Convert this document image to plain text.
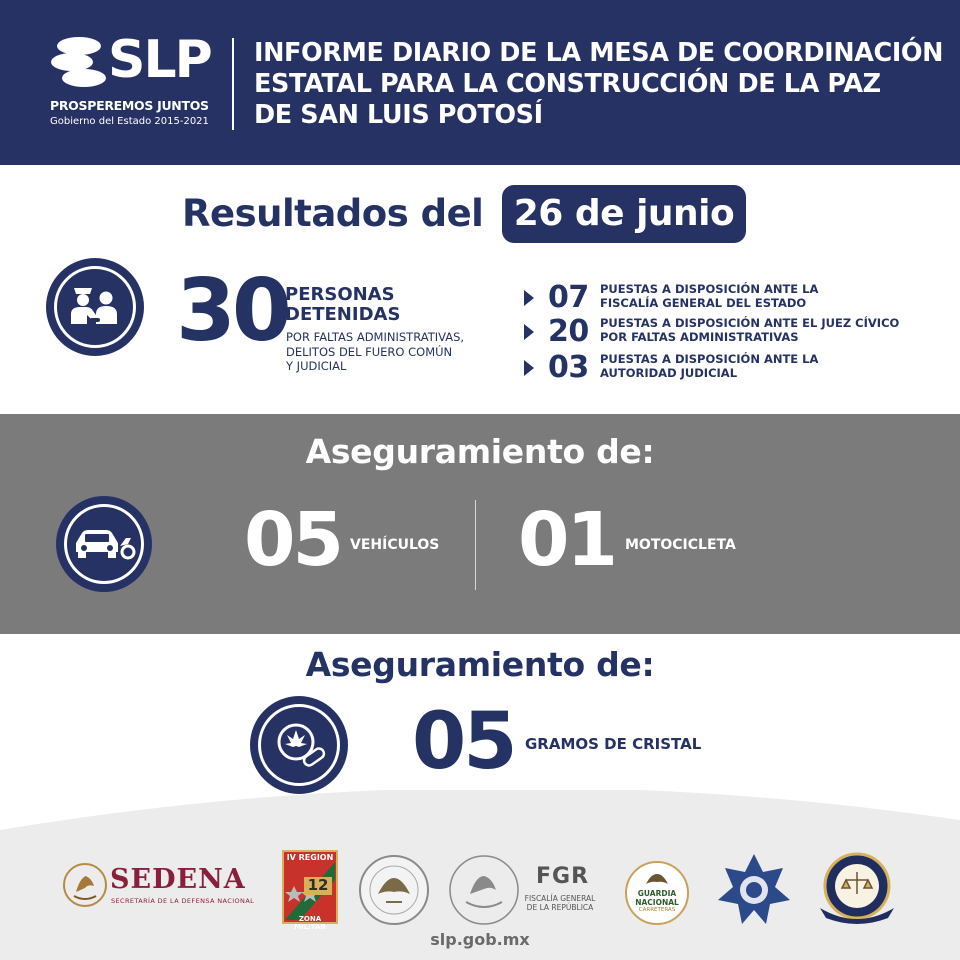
SLP
PROSPEREMOS JUNTOS
Gobierno del Estado 2015-2021
INFORME DIARIO DE LA MESA DE COORDINACIÓN
ESTATAL PARA LA CONSTRUCCIÓN DE LA PAZ
DE SAN LUIS POTOSÍ
Resultados del 26 de junio
30
PERSONAS
DETENIDAS
POR FALTAS ADMINISTRATIVAS,
DELITOS DEL FUERO COMÚN
Y JUDICIAL
07 PUESTAS A DISPOSICIÓN ANTE LA
FISCALÍA GENERAL DEL ESTADO
20 PUESTAS A DISPOSICIÓN ANTE EL JUEZ CÍVICO
POR FALTAS ADMINISTRATIVAS
03 PUESTAS A DISPOSICIÓN ANTE LA
AUTORIDAD JUDICIAL
Aseguramiento de:
05 VEHÍCULOS 01 MOTOCICLETA
Aseguramiento de:
05 GRAMOS DE CRISTAL
SEDENA
SECRETARÍA DE LA DEFENSA NACIONAL
IV REGION
12
ZONA MILITAR
FGR
FISCALÍA GENERAL
DE LA REPÚBLICA
GUARDIA
NACIONAL
CARRETERAS
slp.gob.mx
